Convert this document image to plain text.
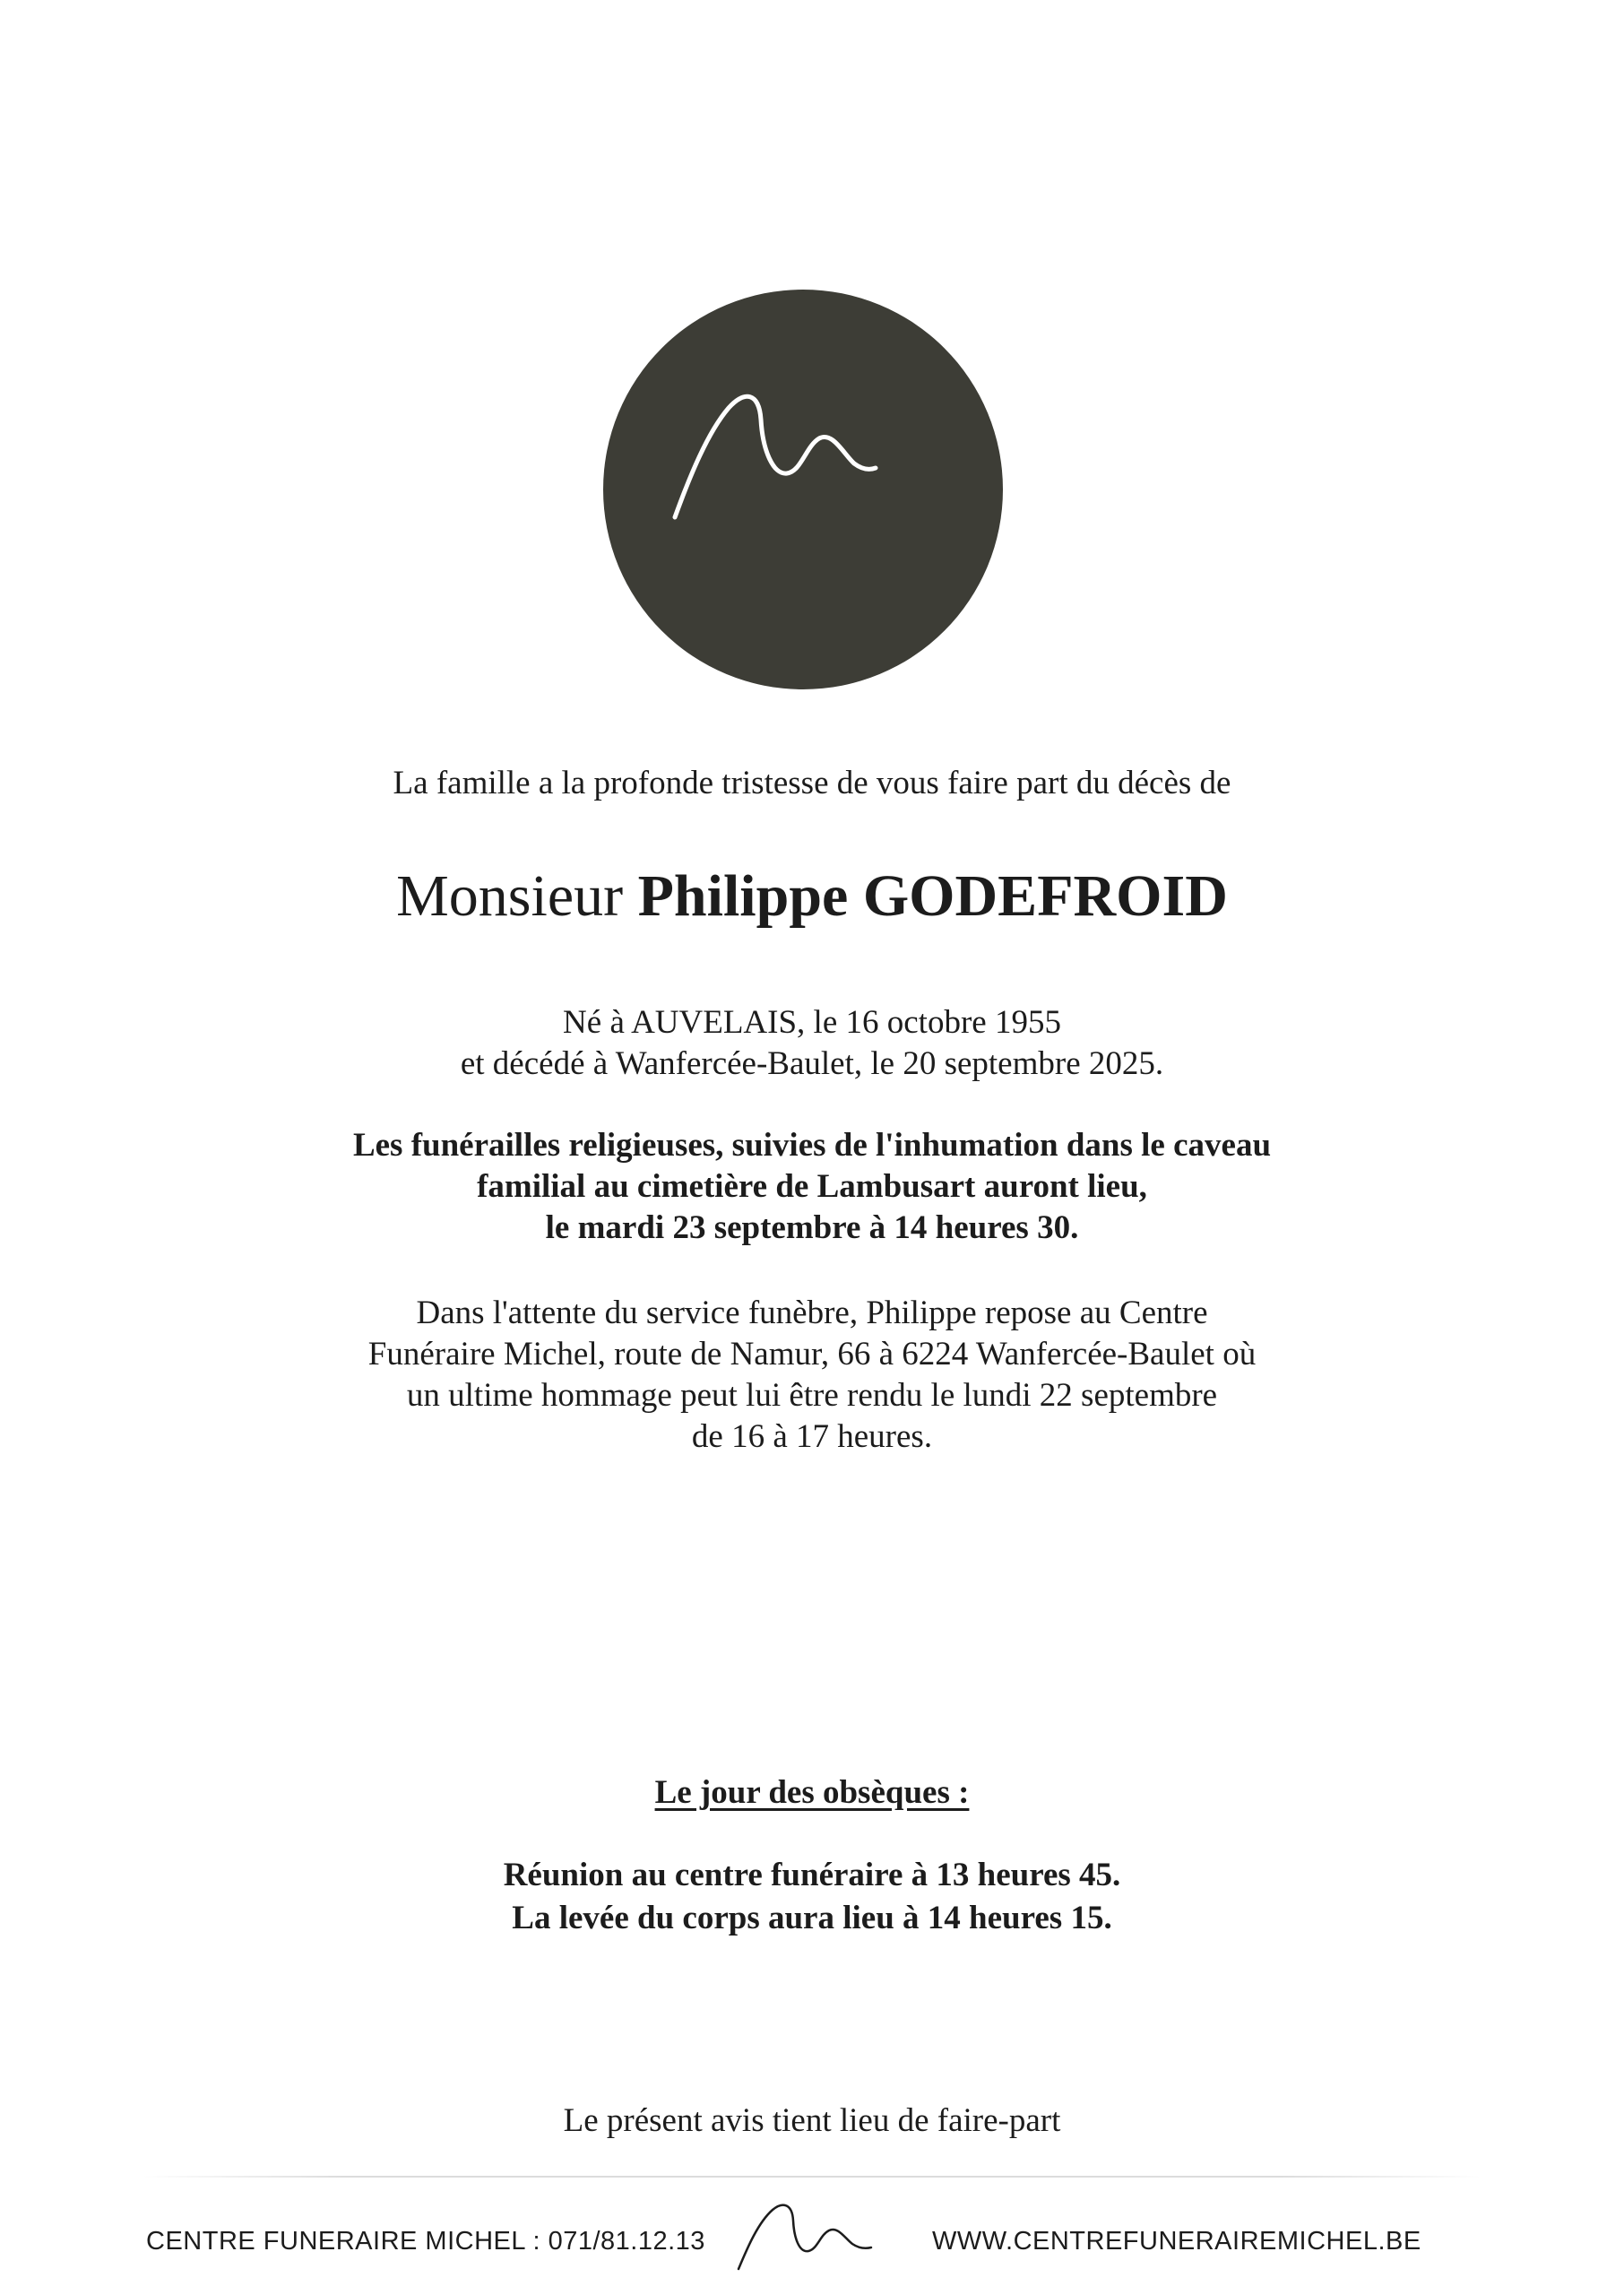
La famille a la profonde tristesse de vous faire part du décès de
Monsieur Philippe GODEFROID
Né à AUVELAIS, le 16 octobre 1955
et décédé à Wanfercée-Baulet, le 20 septembre 2025.
Les funérailles religieuses, suivies de l'inhumation dans le caveau
familial au cimetière de Lambusart auront lieu,
le mardi 23 septembre à 14 heures 30.
Dans l'attente du service funèbre, Philippe repose au Centre
Funéraire Michel, route de Namur, 66 à 6224 Wanfercée-Baulet où
un ultime hommage peut lui être rendu le lundi 22 septembre
de 16 à 17 heures.
Le jour des obsèques :
Réunion au centre funéraire à 13 heures 45.
La levée du corps aura lieu à 14 heures 15.
Le présent avis tient lieu de faire-part
CENTRE FUNERAIRE MICHEL : 071/81.12.13	WWW.CENTREFUNERAIREMICHEL.BE
